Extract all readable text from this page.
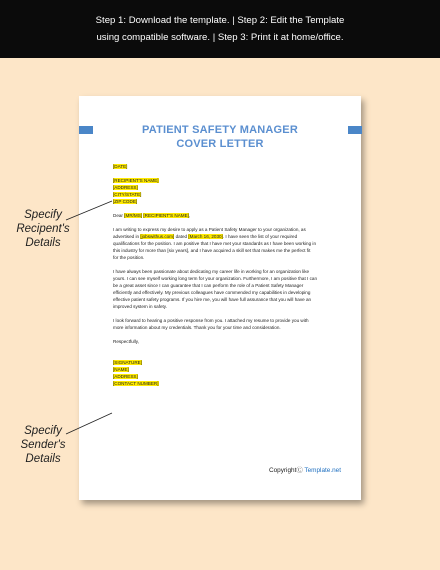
Step 1: Download the template. | Step 2: Edit the Template
using compatible software. | Step 3: Print it at home/office.
PATIENT SAFETY MANAGER
COVER LETTER

[DATE]

[RECIPIENT'S NAME]

[ADDRESS]

[CITY/STATE]

[ZIP CODE]

Dear [MR/MS] [RECIPIENT'S NAME],

I am writing to express my desire to apply as a Patient Safety Manager to your organization, as

advertised in [jobswithus.com] dated [March 16, 2030]. I have seen the list of your required

qualifications for the position. I am positive that I have met your standards as I have been working in

this industry for more than [six years], and I have acquired a skill set that makes me the perfect fit

for the position.

I have always been passionate about dedicating my career life in working for an organization like

yours. I can see myself working long term for your organization. Furthermore, I am positive that I can

be a great asset since I can guarantee that I can perform the role of a Patient Safety Manager

efficiently and effectively. My previous colleagues have commended my capabilities in developing

effective patient safety programs. If you hire me, you will have full assurance that you will have an

improved system in safety.

I look forward to hearing a positive response from you. I attached my resume to provide you with

more information about my credentials. Thank you for your time and consideration.

Respectfully,

[SIGNATURE]

[NAME]

[ADDRESS]

[CONTACT NUMBER]

CopyrightⒸ Template.net
Specify
Recipent's
Details
Specify
Sender's
Details
